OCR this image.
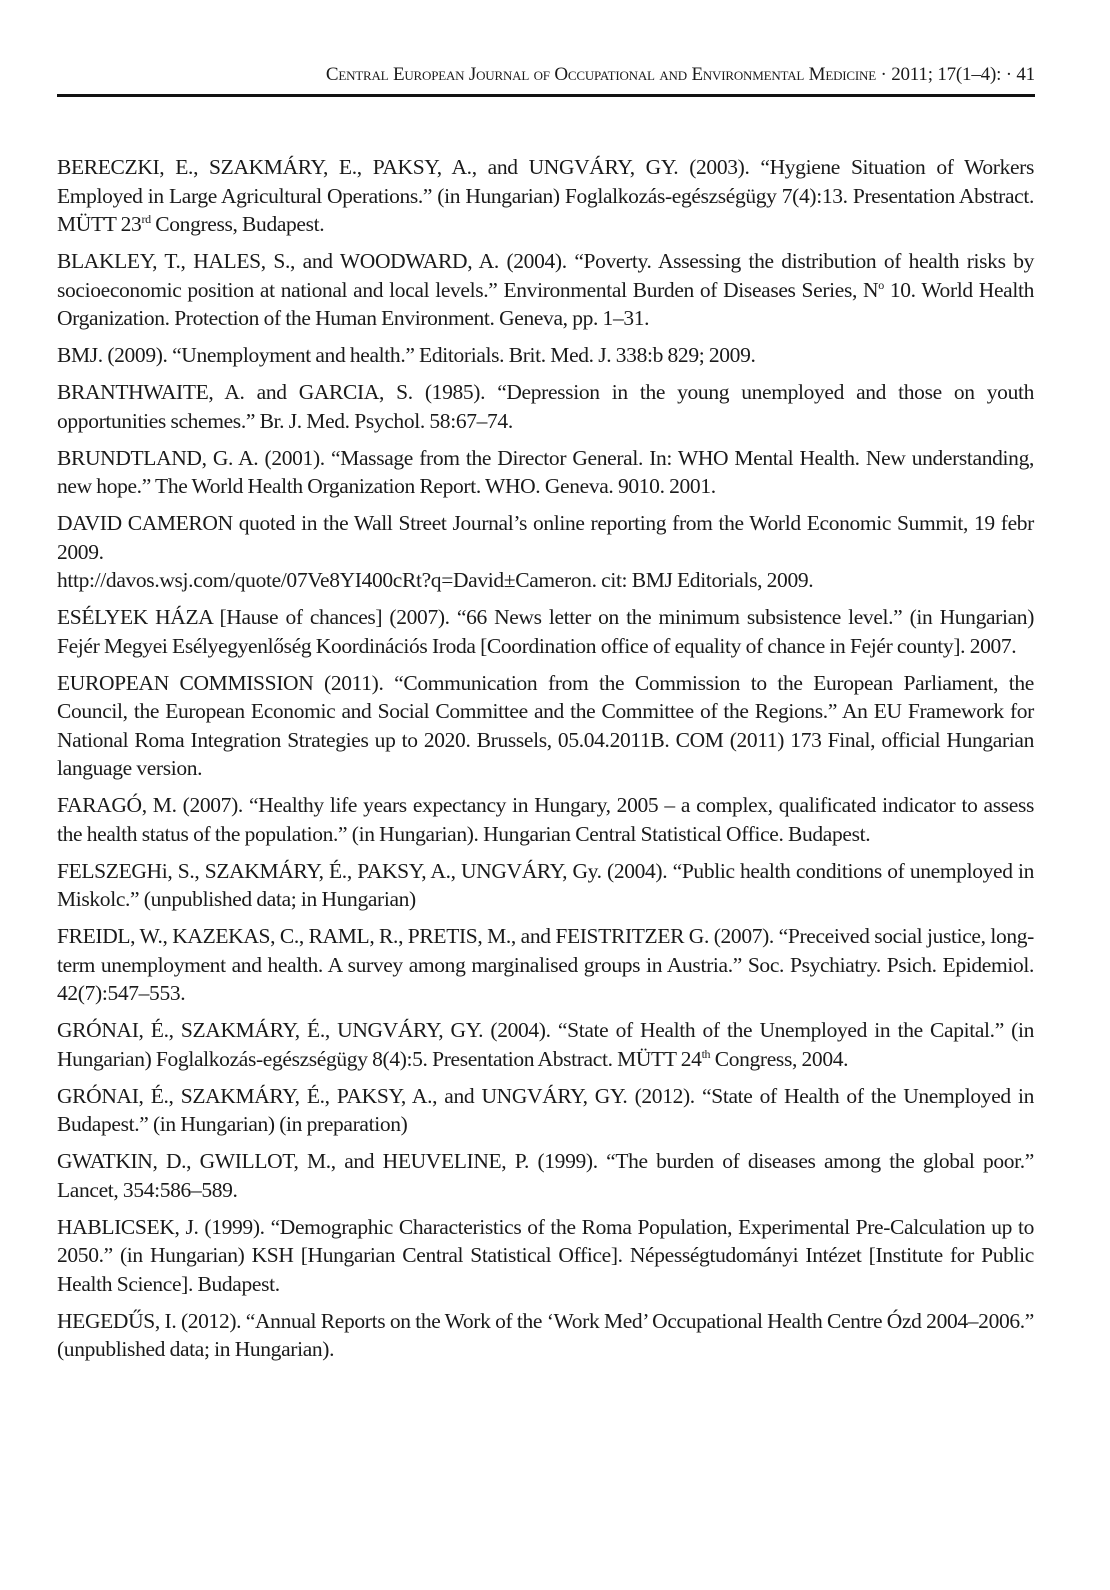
Central European Journal of Occupational and Environmental Medicine · 2011; 17(1–4): · 41

BERECZKI, E., SZAKMÁRY, E., PAKSY, A., and UNGVÁRY, GY. (2003). “Hygiene Situation of Workers Employed in Large Agricultural Operations.” (in Hungarian) Foglalkozás-egészségügy 7(4):13. Presentation Abstract. MÜTT 23rd Congress, Budapest.

BLAKLEY, T., HALES, S., and WOODWARD, A. (2004). “Poverty. Assessing the distribution of health risks by socioeconomic position at national and local levels.” Environmental Burden of Diseases Series, $N^o$ 10. World Health Organization. Protection of the Human Environment. Geneva, pp. 1–31.

BMJ. (2009). “Unemployment and health.” Editorials. Brit. Med. J. 338:b 829; 2009.

BRANTHWAITE, A. and GARCIA, S. (1985). “Depression in the young unemployed and those on youth opportunities schemes.” Br. J. Med. Psychol. 58:67–74.

BRUNDTLAND, G. A. (2001). “Massage from the Director General. In: WHO Mental Health. New understanding, new hope.” The World Health Organization Report. WHO. Geneva. 9010. 2001.

DAVID CAMERON quoted in the Wall Street Journal’s online reporting from the World Economic Summit, 19 febr 2009.
http://davos.wsj.com/quote/07Ve8YI400cRt?q=David±Cameron. cit: BMJ Editorials, 2009.

ESÉLYEK HÁZA [Hause of chances] (2007). “66 News letter on the minimum subsistence level.” (in Hungarian) Fejér Megyei Esélyegyenlőség Koordinációs Iroda [Coordination office of equality of chance in Fejér county]. 2007.

EUROPEAN COMMISSION (2011). “Communication from the Commission to the European Parliament, the Council, the European Economic and Social Committee and the Committee of the Regions.” An EU Framework for National Roma Integration Strategies up to 2020. Brussels, 05.04.2011B. COM (2011) 173 Final, official Hungarian language version.

FARAGÓ, M. (2007). “Healthy life years expectancy in Hungary, 2005 – a complex, qualificated indicator to assess the health status of the population.” (in Hungarian). Hungarian Central Statistical Office. Budapest.

FELSZEGHi, S., SZAKMÁRY, É., PAKSY, A., UNGVÁRY, Gy. (2004). “Public health conditions of unemployed in Miskolc.” (unpublished data; in Hungarian)

FREIDL, W., KAZEKAS, C., RAML, R., PRETIS, M., and FEISTRITZER G. (2007). “Preceived social justice, long-term unemployment and health. A survey among marginalised groups in Austria.” Soc. Psychiatry. Psich. Epidemiol. 42(7):547–553.

GRÓNAI, É., SZAKMÁRY, É., UNGVÁRY, GY. (2004). “State of Health of the Unemployed in the Capital.” (in Hungarian) Foglalkozás-egészségügy 8(4):5. Presentation Abstract. MÜTT 24th Congress, 2004.

GRÓNAI, É., SZAKMÁRY, É., PAKSY, A., and UNGVÁRY, GY. (2012). “State of Health of the Unemployed in Budapest.” (in Hungarian) (in preparation)

GWATKIN, D., GWILLOT, M., and HEUVELINE, P. (1999). “The burden of diseases among the global poor.” Lancet, 354:586–589.

HABLICSEK, J. (1999). “Demographic Characteristics of the Roma Population, Experimental Pre-Calculation up to 2050.” (in Hungarian) KSH [Hungarian Central Statistical Office]. Népességtudományi Intézet [Institute for Public Health Science]. Budapest.

HEGEDŰS, I. (2012). “Annual Reports on the Work of the ‘Work Med’ Occupational Health Centre Ózd 2004–2006.” (unpublished data; in Hungarian).
